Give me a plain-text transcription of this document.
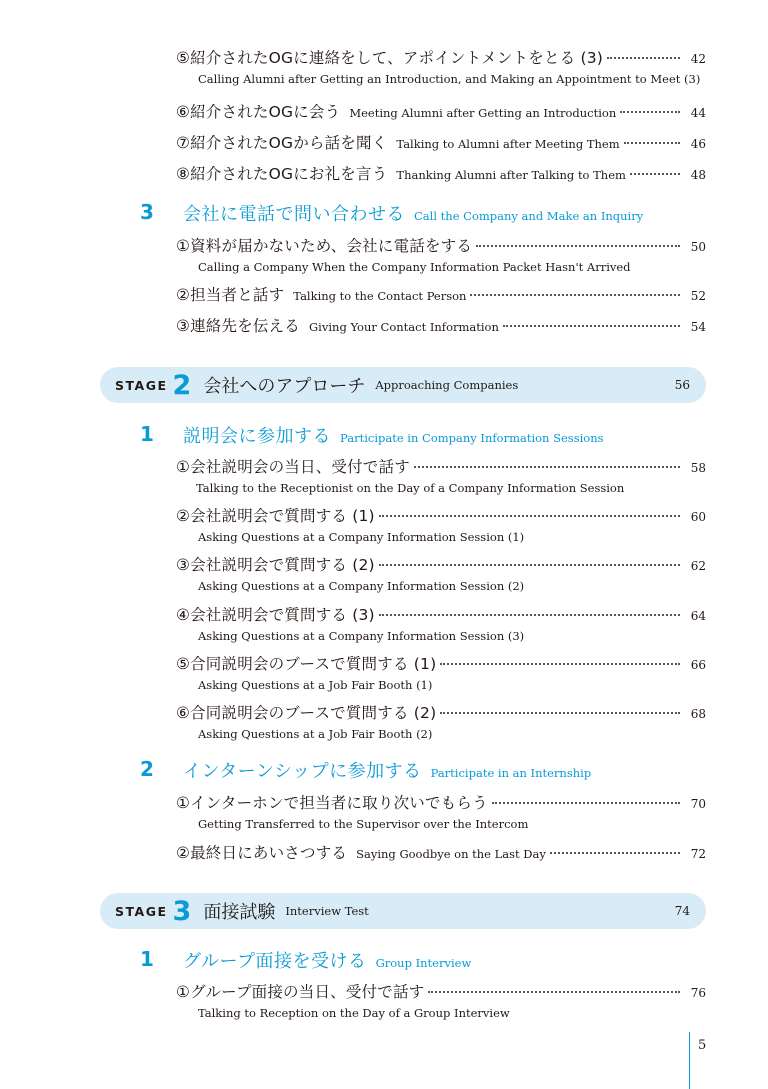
⑤紹介されたOGに連絡をして、アポイントメントをとる (3)	42
Calling Alumni after Getting an Introduction, and Making an Appointment to Meet (3)
⑥紹介されたOGに会う Meeting Alumni after Getting an Introduction	44
⑦紹介されたOGから話を聞く Talking to Alumni after Meeting Them	46
⑧紹介されたOGにお礼を言う Thanking Alumni after Talking to Them	48
3 会社に電話で問い合わせる Call the Company and Make an Inquiry
①資料が届かないため、会社に電話をする	50
Calling a Company When the Company Information Packet Hasn't Arrived
②担当者と話す Talking to the Contact Person	52
③連絡先を伝える Giving Your Contact Information	54
STAGE 2 会社へのアプローチ Approaching Companies	56
1 説明会に参加する Participate in Company Information Sessions
①会社説明会の当日、受付で話す	58
Talking to the Receptionist on the Day of a Company Information Session
②会社説明会で質問する (1)	60
Asking Questions at a Company Information Session (1)
③会社説明会で質問する (2)	62
Asking Questions at a Company Information Session (2)
④会社説明会で質問する (3)	64
Asking Questions at a Company Information Session (3)
⑤合同説明会のブースで質問する (1)	66
Asking Questions at a Job Fair Booth (1)
⑥合同説明会のブースで質問する (2)	68
Asking Questions at a Job Fair Booth (2)
2 インターンシップに参加する Participate in an Internship
①インターホンで担当者に取り次いでもらう	70
Getting Transferred to the Supervisor over the Intercom
②最終日にあいさつする Saying Goodbye on the Last Day	72
STAGE 3 面接試験 Interview Test	74
1 グループ面接を受ける Group Interview
①グループ面接の当日、受付で話す	76
Talking to Reception on the Day of a Group Interview
5
